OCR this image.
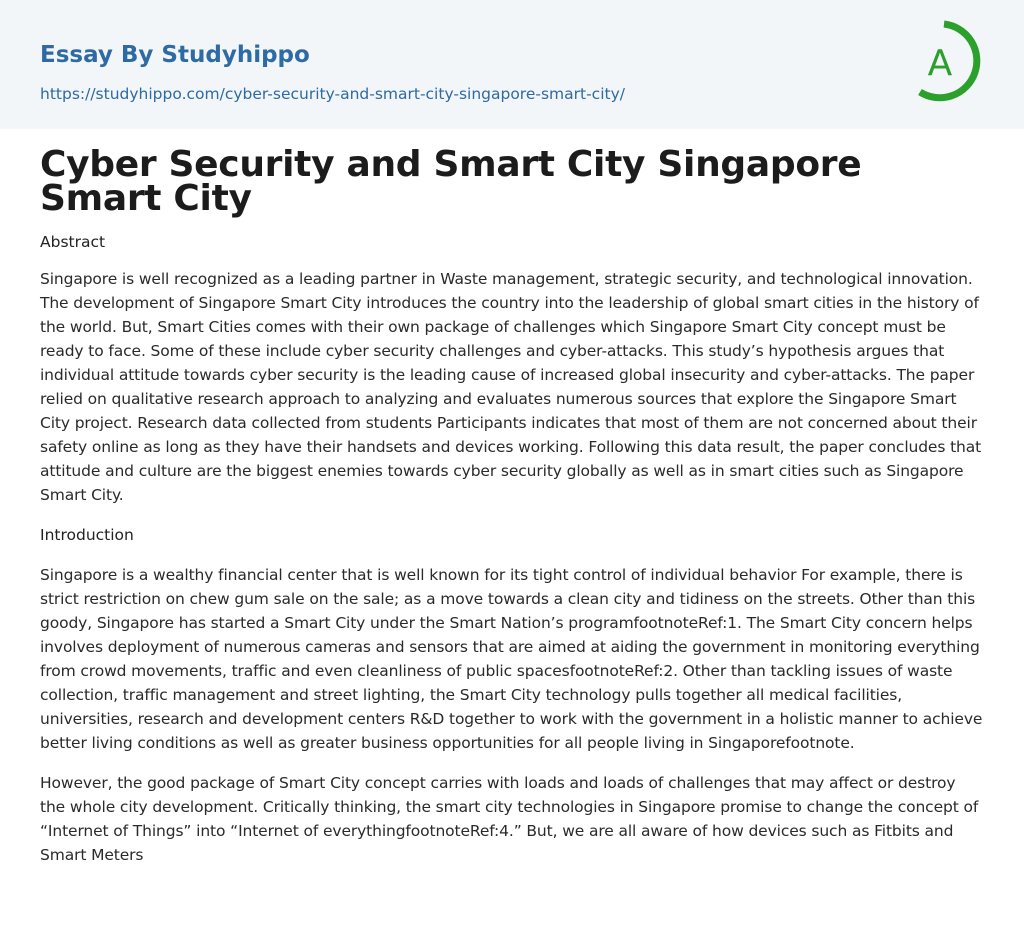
Essay By Studyhippo
https://studyhippo.com/cyber-security-and-smart-city-singapore-smart-city/
A
Cyber Security and Smart City Singapore Smart City
Abstract

Singapore is well recognized as a leading partner in Waste management, strategic security, and technological innovation. The development of Singapore Smart City introduces the country into the leadership of global smart cities in the history of the world. But, Smart Cities comes with their own package of challenges which Singapore Smart City concept must be ready to face. Some of these include cyber security challenges and cyber-attacks. This study’s hypothesis argues that individual attitude towards cyber security is the leading cause of increased global insecurity and cyber-attacks. The paper relied on qualitative research approach to analyzing and evaluates numerous sources that explore the Singapore Smart City project. Research data collected from students Participants indicates that most of them are not concerned about their safety online as long as they have their handsets and devices working. Following this data result, the paper concludes that attitude and culture are the biggest enemies towards cyber security globally as well as in smart cities such as Singapore Smart City.

Introduction

Singapore is a wealthy financial center that is well known for its tight control of individual behavior For example, there is strict restriction on chew gum sale on the sale; as a move towards a clean city and tidiness on the streets. Other than this goody, Singapore has started a Smart City under the Smart Nation’s programfootnoteRef:1. The Smart City concern helps involves deployment of numerous cameras and sensors that are aimed at aiding the government in monitoring everything from crowd movements, traffic and even cleanliness of public spacesfootnoteRef:2. Other than tackling issues of waste collection, traffic management and street lighting, the Smart City technology pulls together all medical facilities, universities, research and development centers R&D together to work with the government in a holistic manner to achieve better living conditions as well as greater business opportunities for all people living in Singaporefootnote.

However, the good package of Smart City concept carries with loads and loads of challenges that may affect or destroy the whole city development. Critically thinking, the smart city technologies in Singapore promise to change the concept of “Internet of Things” into “Internet of everythingfootnoteRef:4.” But, we are all aware of how devices such as Fitbits and Smart Meters
